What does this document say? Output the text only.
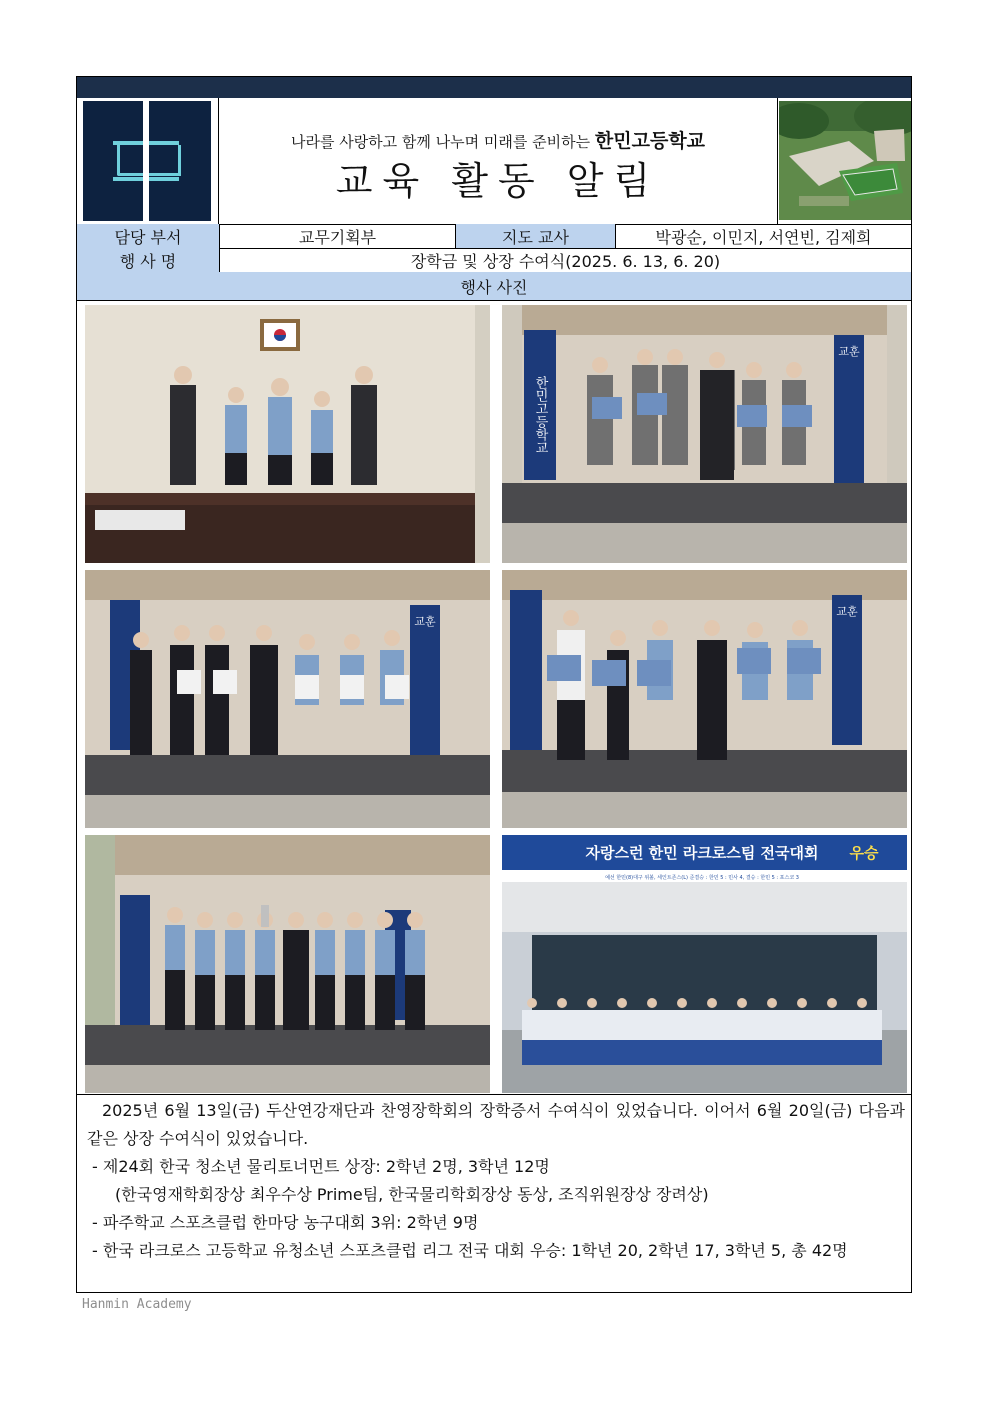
나라를 사랑하고 함께 나누며 미래를 준비하는 한민고등학교
교육 활동 알림
담당 부서	교무기획부	지도 교사	박광순, 이민지, 서연빈, 김제희
행 사 명	장학금 및 상장 수여식(2025. 6. 13, 6. 20)
행사 사진
한민고등학교
교훈
교훈
교훈
자랑스런 한민 라크로스팀 전국대회 우승
예선 한민(8)대구 위볼, 세인트존스(L) 준결승 : 한민 5 : 민사 4, 결승 : 한민 5 : 포스코 3

2025년 6월 13일(금) 두산연강재단과 찬영장학회의 장학증서 수여식이 있었습니다. 이어서 6월 20일(금) 다음과 같은 상장 수여식이 있었습니다.

- 제24회 한국 청소년 물리토너먼트 상장: 2학년 2명, 3학년 12명

(한국영재학회장상 최우수상 Prime팀, 한국물리학회장상 동상, 조직위원장상 장려상)

- 파주학교 스포츠클럽 한마당 농구대회 3위: 2학년 9명

- 한국 라크로스 고등학교 유청소년 스포츠클럽 리그 전국 대회 우승: 1학년 20, 2학년 17, 3학년 5, 총 42명

Hanmin Academy
